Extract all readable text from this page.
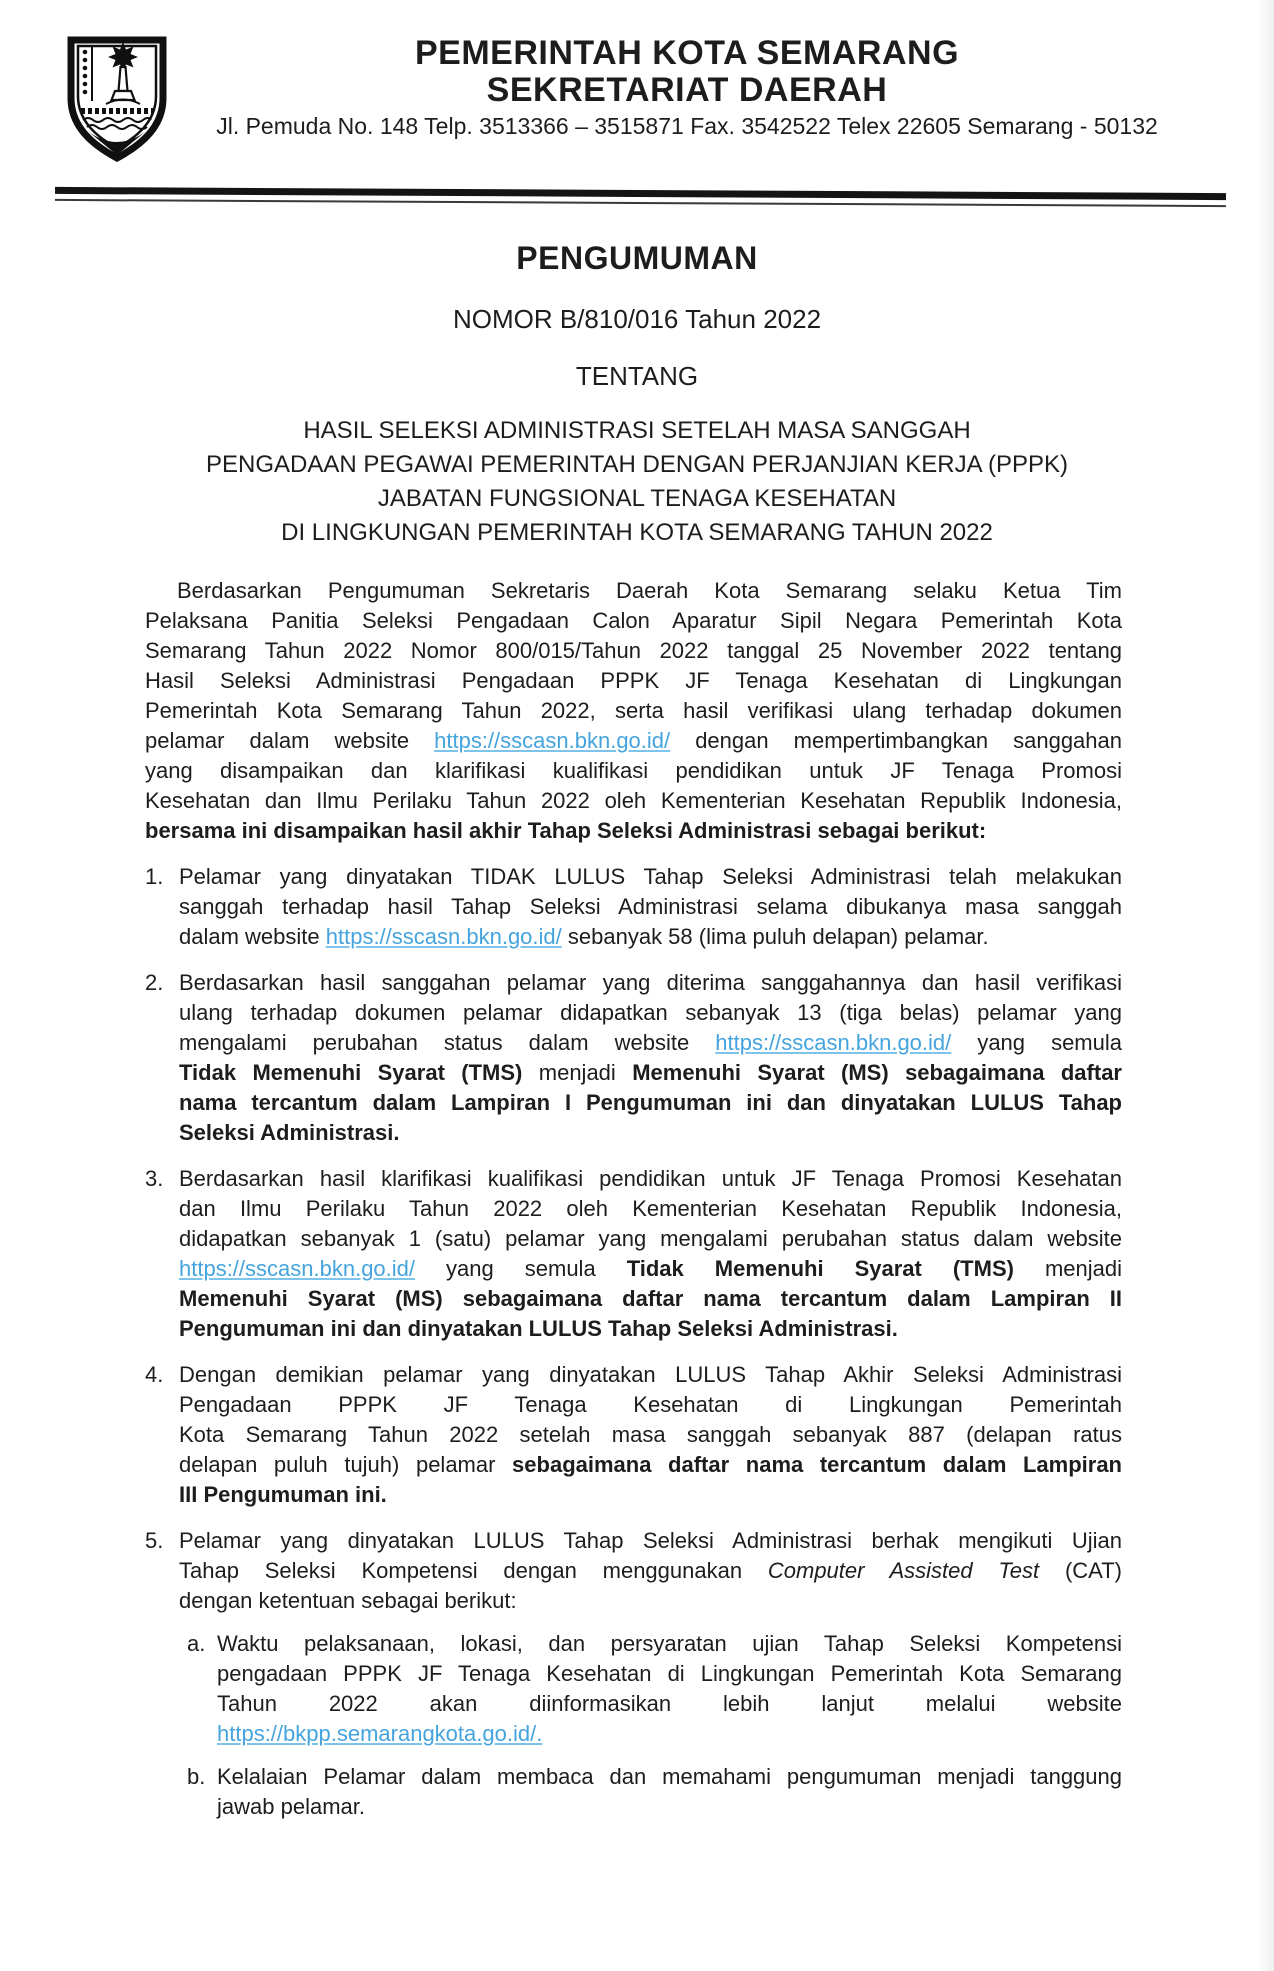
PEMERINTAH KOTA SEMARANG
SEKRETARIAT DAERAH
Jl. Pemuda No. 148 Telp. 3513366 – 3515871 Fax. 3542522 Telex 22605 Semarang - 50132
PENGUMUMAN
NOMOR B/810/016 Tahun 2022
TENTANG
HASIL SELEKSI ADMINISTRASI SETELAH MASA SANGGAH
PENGADAAN PEGAWAI PEMERINTAH DENGAN PERJANJIAN KERJA (PPPK)
JABATAN FUNGSIONAL TENAGA KESEHATAN
DI LINGKUNGAN PEMERINTAH KOTA SEMARANG TAHUN 2022
Berdasarkan Pengumuman Sekretaris Daerah Kota Semarang selaku Ketua Tim
Pelaksana Panitia Seleksi Pengadaan Calon Aparatur Sipil Negara Pemerintah Kota
Semarang Tahun 2022 Nomor 800/015/Tahun 2022 tanggal 25 November 2022 tentang
Hasil Seleksi Administrasi Pengadaan PPPK JF Tenaga Kesehatan di Lingkungan
Pemerintah Kota Semarang Tahun 2022, serta hasil verifikasi ulang terhadap dokumen
pelamar dalam website https://sscasn.bkn.go.id/ dengan mempertimbangkan sanggahan
yang disampaikan dan klarifikasi kualifikasi pendidikan untuk JF Tenaga Promosi
Kesehatan dan Ilmu Perilaku Tahun 2022 oleh Kementerian Kesehatan Republik Indonesia,
bersama ini disampaikan hasil akhir Tahap Seleksi Administrasi sebagai berikut:
1. Pelamar yang dinyatakan TIDAK LULUS Tahap Seleksi Administrasi telah melakukan
sanggah terhadap hasil Tahap Seleksi Administrasi selama dibukanya masa sanggah
dalam website https://sscasn.bkn.go.id/ sebanyak 58 (lima puluh delapan) pelamar.
2. Berdasarkan hasil sanggahan pelamar yang diterima sanggahannya dan hasil verifikasi
ulang terhadap dokumen pelamar didapatkan sebanyak 13 (tiga belas) pelamar yang
mengalami perubahan status dalam website https://sscasn.bkn.go.id/ yang semula
Tidak Memenuhi Syarat (TMS) menjadi Memenuhi Syarat (MS) sebagaimana daftar
nama tercantum dalam Lampiran I Pengumuman ini dan dinyatakan LULUS Tahap
Seleksi Administrasi.
3. Berdasarkan hasil klarifikasi kualifikasi pendidikan untuk JF Tenaga Promosi Kesehatan
dan Ilmu Perilaku Tahun 2022 oleh Kementerian Kesehatan Republik Indonesia,
didapatkan sebanyak 1 (satu) pelamar yang mengalami perubahan status dalam website
https://sscasn.bkn.go.id/ yang semula Tidak Memenuhi Syarat (TMS) menjadi
Memenuhi Syarat (MS) sebagaimana daftar nama tercantum dalam Lampiran II
Pengumuman ini dan dinyatakan LULUS Tahap Seleksi Administrasi.
4. Dengan demikian pelamar yang dinyatakan LULUS Tahap Akhir Seleksi Administrasi
Pengadaan PPPK JF Tenaga Kesehatan di Lingkungan Pemerintah
Kota Semarang Tahun 2022 setelah masa sanggah sebanyak 887 (delapan ratus
delapan puluh tujuh) pelamar sebagaimana daftar nama tercantum dalam Lampiran
III Pengumuman ini.
5. Pelamar yang dinyatakan LULUS Tahap Seleksi Administrasi berhak mengikuti Ujian
Tahap Seleksi Kompetensi dengan menggunakan Computer Assisted Test (CAT)
dengan ketentuan sebagai berikut:
a. Waktu pelaksanaan, lokasi, dan persyaratan ujian Tahap Seleksi Kompetensi
pengadaan PPPK JF Tenaga Kesehatan di Lingkungan Pemerintah Kota Semarang
Tahun 2022 akan diinformasikan lebih lanjut melalui website
https://bkpp.semarangkota.go.id/.
b. Kelalaian Pelamar dalam membaca dan memahami pengumuman menjadi tanggung
jawab pelamar.
